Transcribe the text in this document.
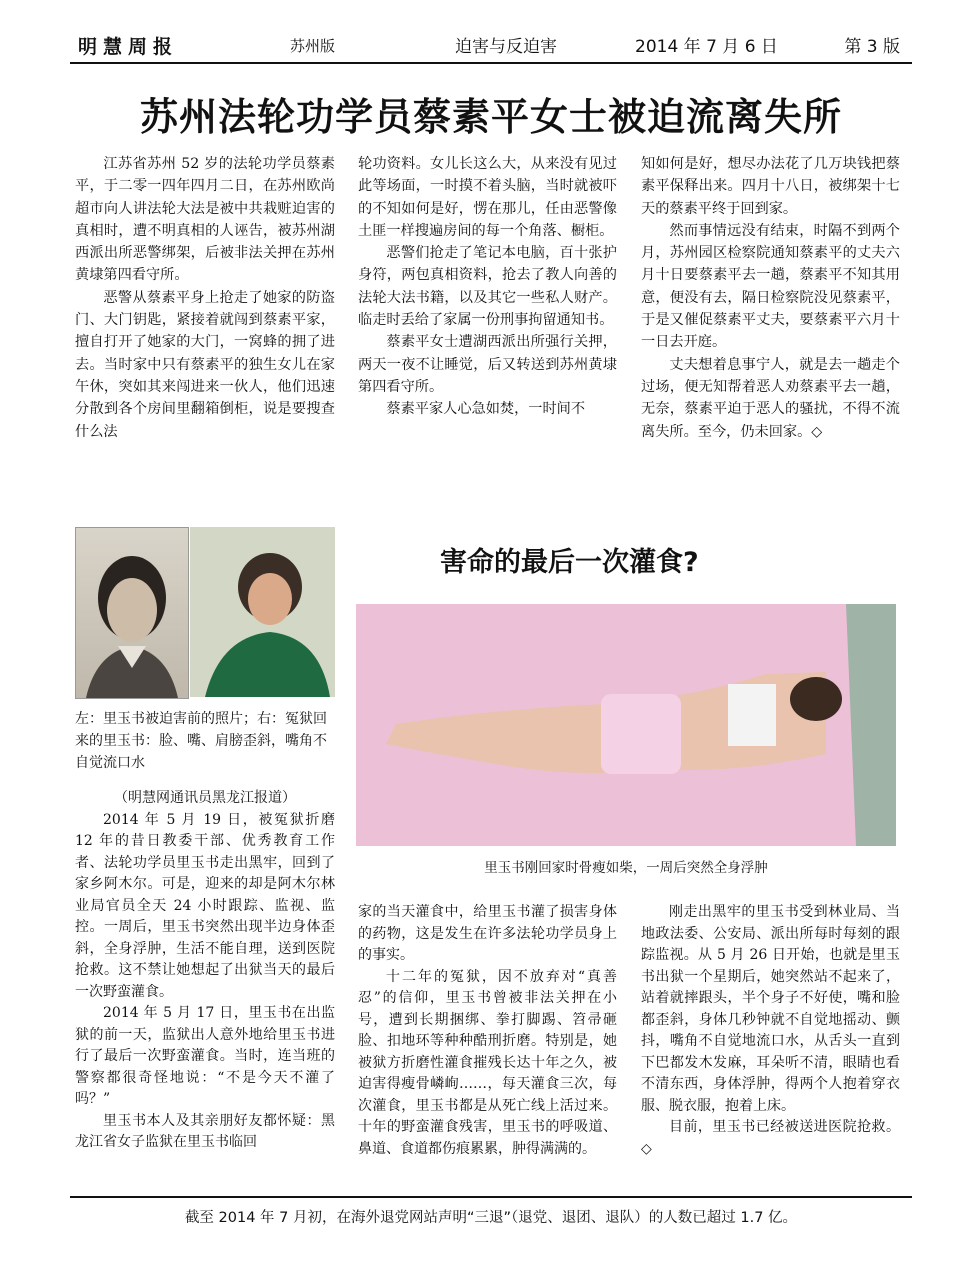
明慧周报	苏州版	迫害与反迫害	2014 年 7 月 6 日	第 3 版
苏州法轮功学员蔡素平女士被迫流离失所

江苏省苏州 52 岁的法轮功学员蔡素平，于二零一四年四月二日，在苏州欧尚超市向人讲法轮大法是被中共栽赃迫害的真相时，遭不明真相的人诬告，被苏州湖西派出所恶警绑架，后被非法关押在苏州黄埭第四看守所。

恶警从蔡素平身上抢走了她家的防盗门、大门钥匙，紧接着就闯到蔡素平家，擅自打开了她家的大门，一窝蜂的拥了进去。当时家中只有蔡素平的独生女儿在家午休，突如其来闯进来一伙人，他们迅速分散到各个房间里翻箱倒柜，说是要搜查什么法

轮功资料。女儿长这么大，从来没有见过此等场面，一时摸不着头脑，当时就被吓的不知如何是好，愣在那儿，任由恶警像土匪一样搜遍房间的每一个角落、橱柜。

恶警们抢走了笔记本电脑，百十张护身符，两包真相资料，抢去了教人向善的法轮大法书籍，以及其它一些私人财产。临走时丢给了家属一份刑事拘留通知书。

蔡素平女士遭湖西派出所强行关押，两天一夜不让睡觉，后又转送到苏州黄埭第四看守所。

蔡素平家人心急如焚，一时间不

知如何是好，想尽办法花了几万块钱把蔡素平保释出来。四月十八日，被绑架十七天的蔡素平终于回到家。

然而事情远没有结束，时隔不到两个月，苏州园区检察院通知蔡素平的丈夫六月十日要蔡素平去一趟，蔡素平不知其用意，便没有去，隔日检察院没见蔡素平，于是又催促蔡素平丈夫，要蔡素平六月十一日去开庭。

丈夫想着息事宁人，就是去一趟走个过场，便无知帮着恶人劝蔡素平去一趟，无奈，蔡素平迫于恶人的骚扰，不得不流离失所。至今，仍未回家。◇

左：里玉书被迫害前的照片；右：冤狱回来的里玉书：脸、嘴、肩膀歪斜，嘴角不自觉流口水
害命的最后一次灌食?
里玉书刚回家时骨瘦如柴，一周后突然全身浮肿

（明慧网通讯员黑龙江报道）

2014 年 5 月 19 日，被冤狱折磨 12 年的昔日教委干部、优秀教育工作者、法轮功学员里玉书走出黑牢，回到了家乡阿木尔。可是，迎来的却是阿木尔林业局官员全天 24 小时跟踪、监视、监控。一周后，里玉书突然出现半边身体歪斜，全身浮肿，生活不能自理，送到医院抢救。这不禁让她想起了出狱当天的最后一次野蛮灌食。

2014 年 5 月 17 日，里玉书在出监狱的前一天，监狱出人意外地给里玉书进行了最后一次野蛮灌食。当时，连当班的警察都很奇怪地说：“不是今天不灌了吗？”

里玉书本人及其亲朋好友都怀疑：黑龙江省女子监狱在里玉书临回

家的当天灌食中，给里玉书灌了损害身体的药物，这是发生在许多法轮功学员身上的事实。

十二年的冤狱，因不放弃对“真善忍”的信仰，里玉书曾被非法关押在小号，遭到长期捆绑、拳打脚踢、笤帚砸脸、扣地环等种种酷刑折磨。特别是，她被狱方折磨性灌食摧残长达十年之久，被迫害得瘦骨嶙峋……，每天灌食三次，每次灌食，里玉书都是从死亡线上活过来。十年的野蛮灌食残害，里玉书的呼吸道、鼻道、食道都伤痕累累，肿得满满的。

刚走出黑牢的里玉书受到林业局、当地政法委、公安局、派出所每时每刻的跟踪监视。从 5 月 26 日开始，也就是里玉书出狱一个星期后，她突然站不起来了，站着就摔跟头，半个身子不好使，嘴和脸都歪斜，身体几秒钟就不自觉地摇动、颤抖，嘴角不自觉地流口水，从舌头一直到下巴都发木发麻，耳朵听不清，眼睛也看不清东西，身体浮肿，得两个人抱着穿衣服、脱衣服，抱着上床。

目前，里玉书已经被送进医院抢救。◇

截至 2014 年 7 月初，在海外退党网站声明“三退”（退党、退团、退队）的人数已超过 1.7 亿。
